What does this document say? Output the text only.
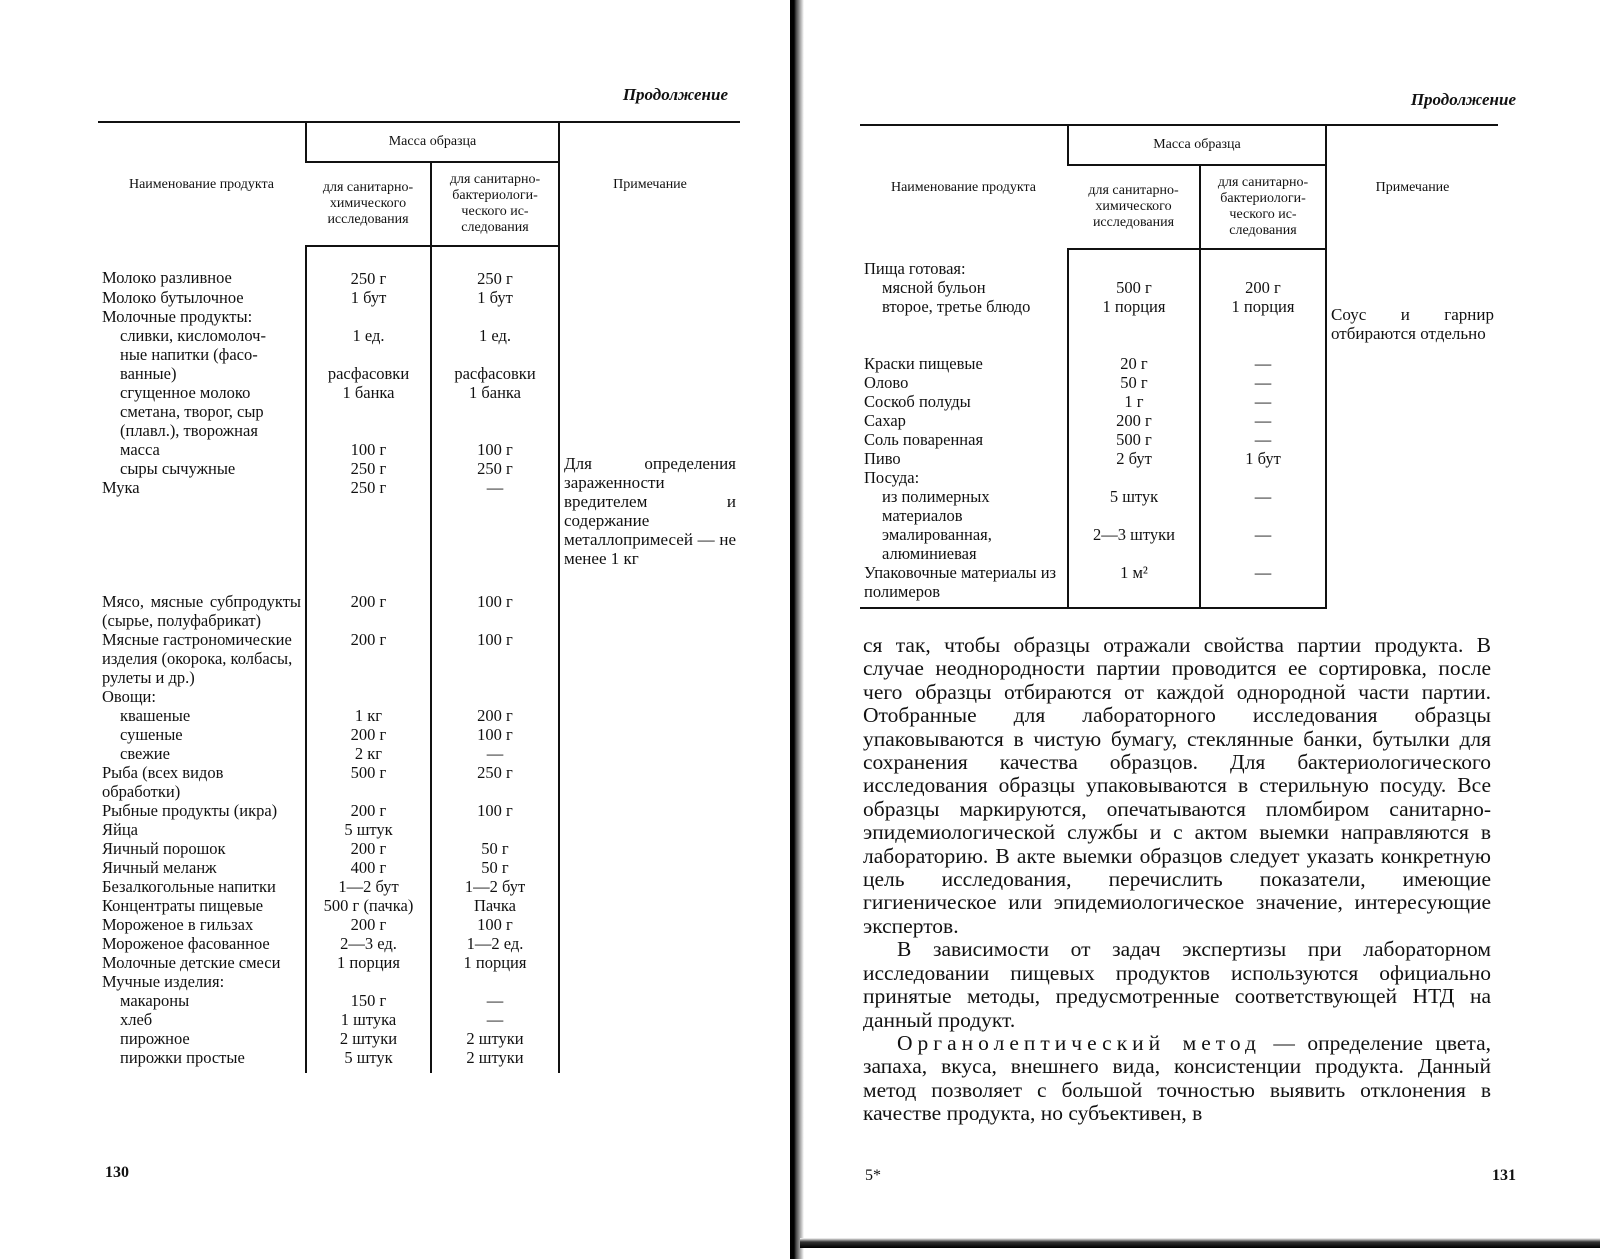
Продолжение
Наименование продукта	Масса образца		Примечание
	для санитарно-химического исследования	для санитарно-бактериологи-ческого ис-следования	
Молоко разливное	250 г	250 г	Для определения зараженности вредителем и содержание металлопримесей — не менее 1 кг

Молоко бутылочное	1 бут	1 бут	
Молочные продукты:			
сливки, кисломолоч-	1 ед.	1 ед.	
ные напитки (фасо-			
ванные)	расфасовки	расфасовки	
сгущенное молоко	1 банка	1 банка	
сметана, творог, сыр			
(плавл.), творожная			
масса	100 г	100 г	
сыры сычужные	250 г	250 г	
Мука	250 г	—	
Мясо, мясные субпродукты (сырье, полуфабрикат)	200 г	100 г	
Мясные гастрономические изделия (окорока, колбасы, рулеты и др.)	200 г	100 г	
Овощи:			
квашеные	1 кг	200 г	
сушеные	200 г	100 г	
свежие	2 кг	—	
Рыба (всех видов обработки)	500 г	250 г	
Рыбные продукты (икра)	200 г	100 г	
Яйца	5 штук		
Яичный порошок	200 г	50 г	
Яичный меланж	400 г	50 г	
Безалкогольные напитки	1—2 бут	1—2 бут	
Концентраты пищевые	500 г (пачка)	Пачка	
Мороженое в гильзах	200 г	100 г	
Мороженое фасованное	2—3 ед.	1—2 ед.	
Молочные детские смеси	1 порция	1 порция	
Мучные изделия:			
макароны	150 г	—	
хлеб	1 штука	—	
пирожное	2 штуки	2 штуки	
пирожки простые	5 штук	2 штуки	
130
Продолжение
Наименование продукта	Масса образца		Примечание
	для санитарно-химического исследования	для санитарно-бактериологи-ческого ис-следования	
Пища готовая:			Соус и гарнир отбираются отдельно

мясной бульон	500 г	200 г	
второе, третье блюдо	1 порция	1 порция	

Краски пищевые	20 г	—	
Олово	50 г	—	
Соскоб полуды	1 г	—	
Сахар	200 г	—	
Соль поваренная	500 г	—	
Пиво	2 бут	1 бут	
Посуда:			
из полимерных материалов	5 штук	—	
эмалированная, алюминиевая	2—3 штуки	—	
Упаковочные материалы из полимеров	1 м²	—	

ся так, чтобы образцы отражали свойства партии продукта. В случае неоднородности партии проводится ее сортировка, после чего образцы отбираются от каждой однородной части партии. Отобранные для лабораторного исследования образцы упаковываются в чистую бумагу, стеклянные банки, бутылки для сохранения качества образцов. Для бактериологического исследования образцы упаковываются в стерильную посуду. Все образцы маркируются, опечатываются пломбиром санитарно-эпидемиологической службы и с актом выемки направляются в лабораторию. В акте выемки образцов следует указать конкретную цель исследования, перечислить показатели, имеющие гигиеническое или эпидемиологическое значение, интересующие экспертов.

В зависимости от задач экспертизы при лабораторном исследовании пищевых продуктов используются официально принятые методы, предусмотренные соответствующей НТД на данный продукт.

Органолептический метод — определение цвета, запаха, вкуса, внешнего вида, консистенции продукта. Данный метод позволяет с большой точностью выявить отклонения в качестве продукта, но субъективен, в

5*	131
